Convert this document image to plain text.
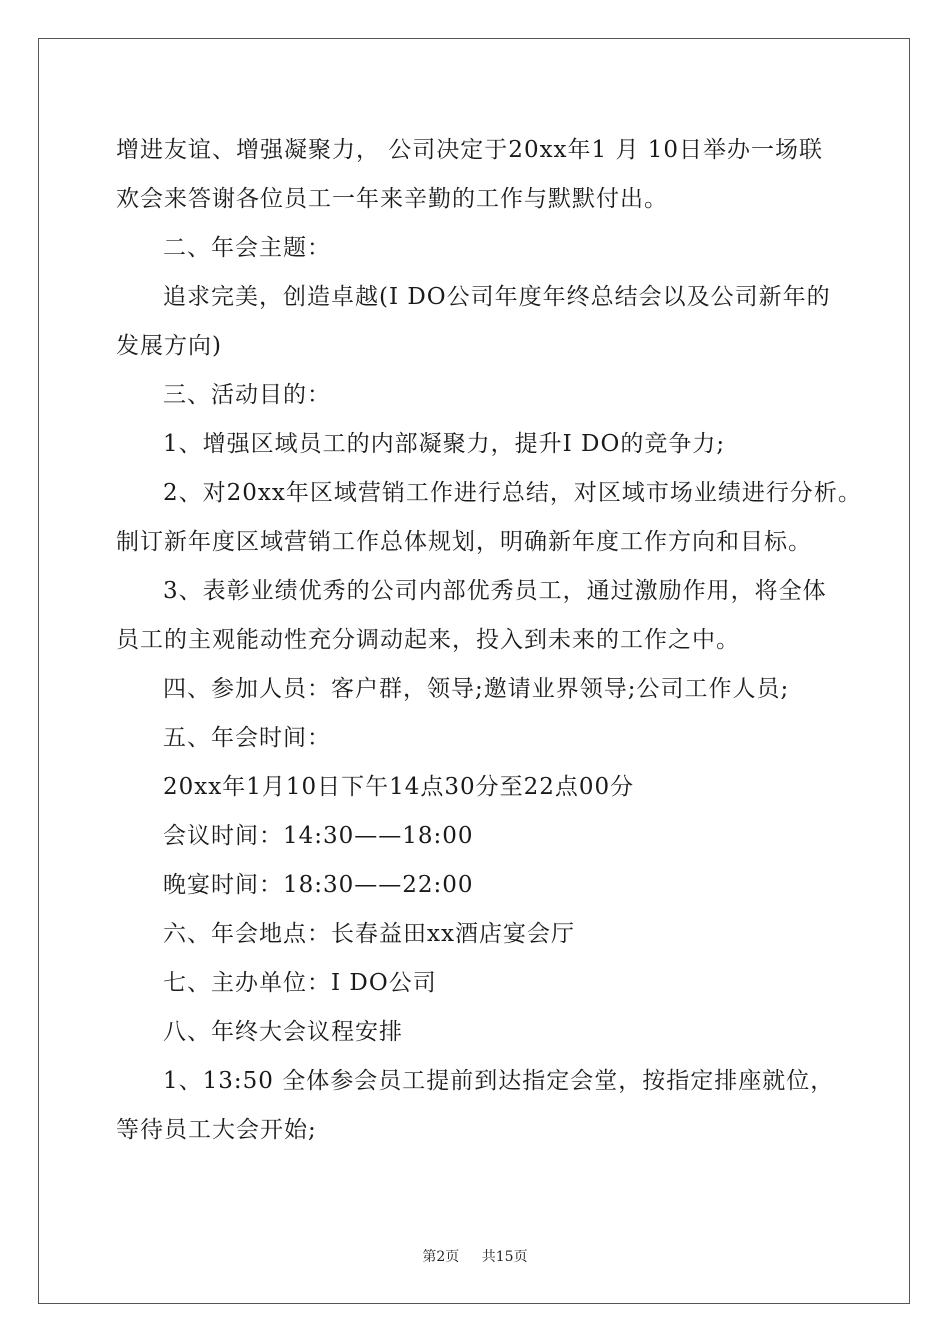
增进友谊、增强凝聚力， 公司决定于20xx年1 月 10日举办一场联
欢会来答谢各位员工一年来辛勤的工作与默默付出。
二、年会主题：
追求完美，创造卓越(I DO公司年度年终总结会以及公司新年的
发展方向)
三、活动目的：
1、增强区域员工的内部凝聚力，提升I DO的竞争力;
2、对20xx年区域营销工作进行总结，对区域市场业绩进行分析。
制订新年度区域营销工作总体规划，明确新年度工作方向和目标。
3、表彰业绩优秀的公司内部优秀员工，通过激励作用，将全体
员工的主观能动性充分调动起来，投入到未来的工作之中。
四、参加人员：客户群，领导;邀请业界领导;公司工作人员;
五、年会时间：
20xx年1月10日下午14点30分至22点00分
会议时间：14:30——18:00
晚宴时间：18:30——22:00
六、年会地点：长春益田xx酒店宴会厅
七、主办单位：I DO公司
八、年终大会议程安排
1、13:50 全体参会员工提前到达指定会堂，按指定排座就位，
等待员工大会开始;
第2页 共15页
